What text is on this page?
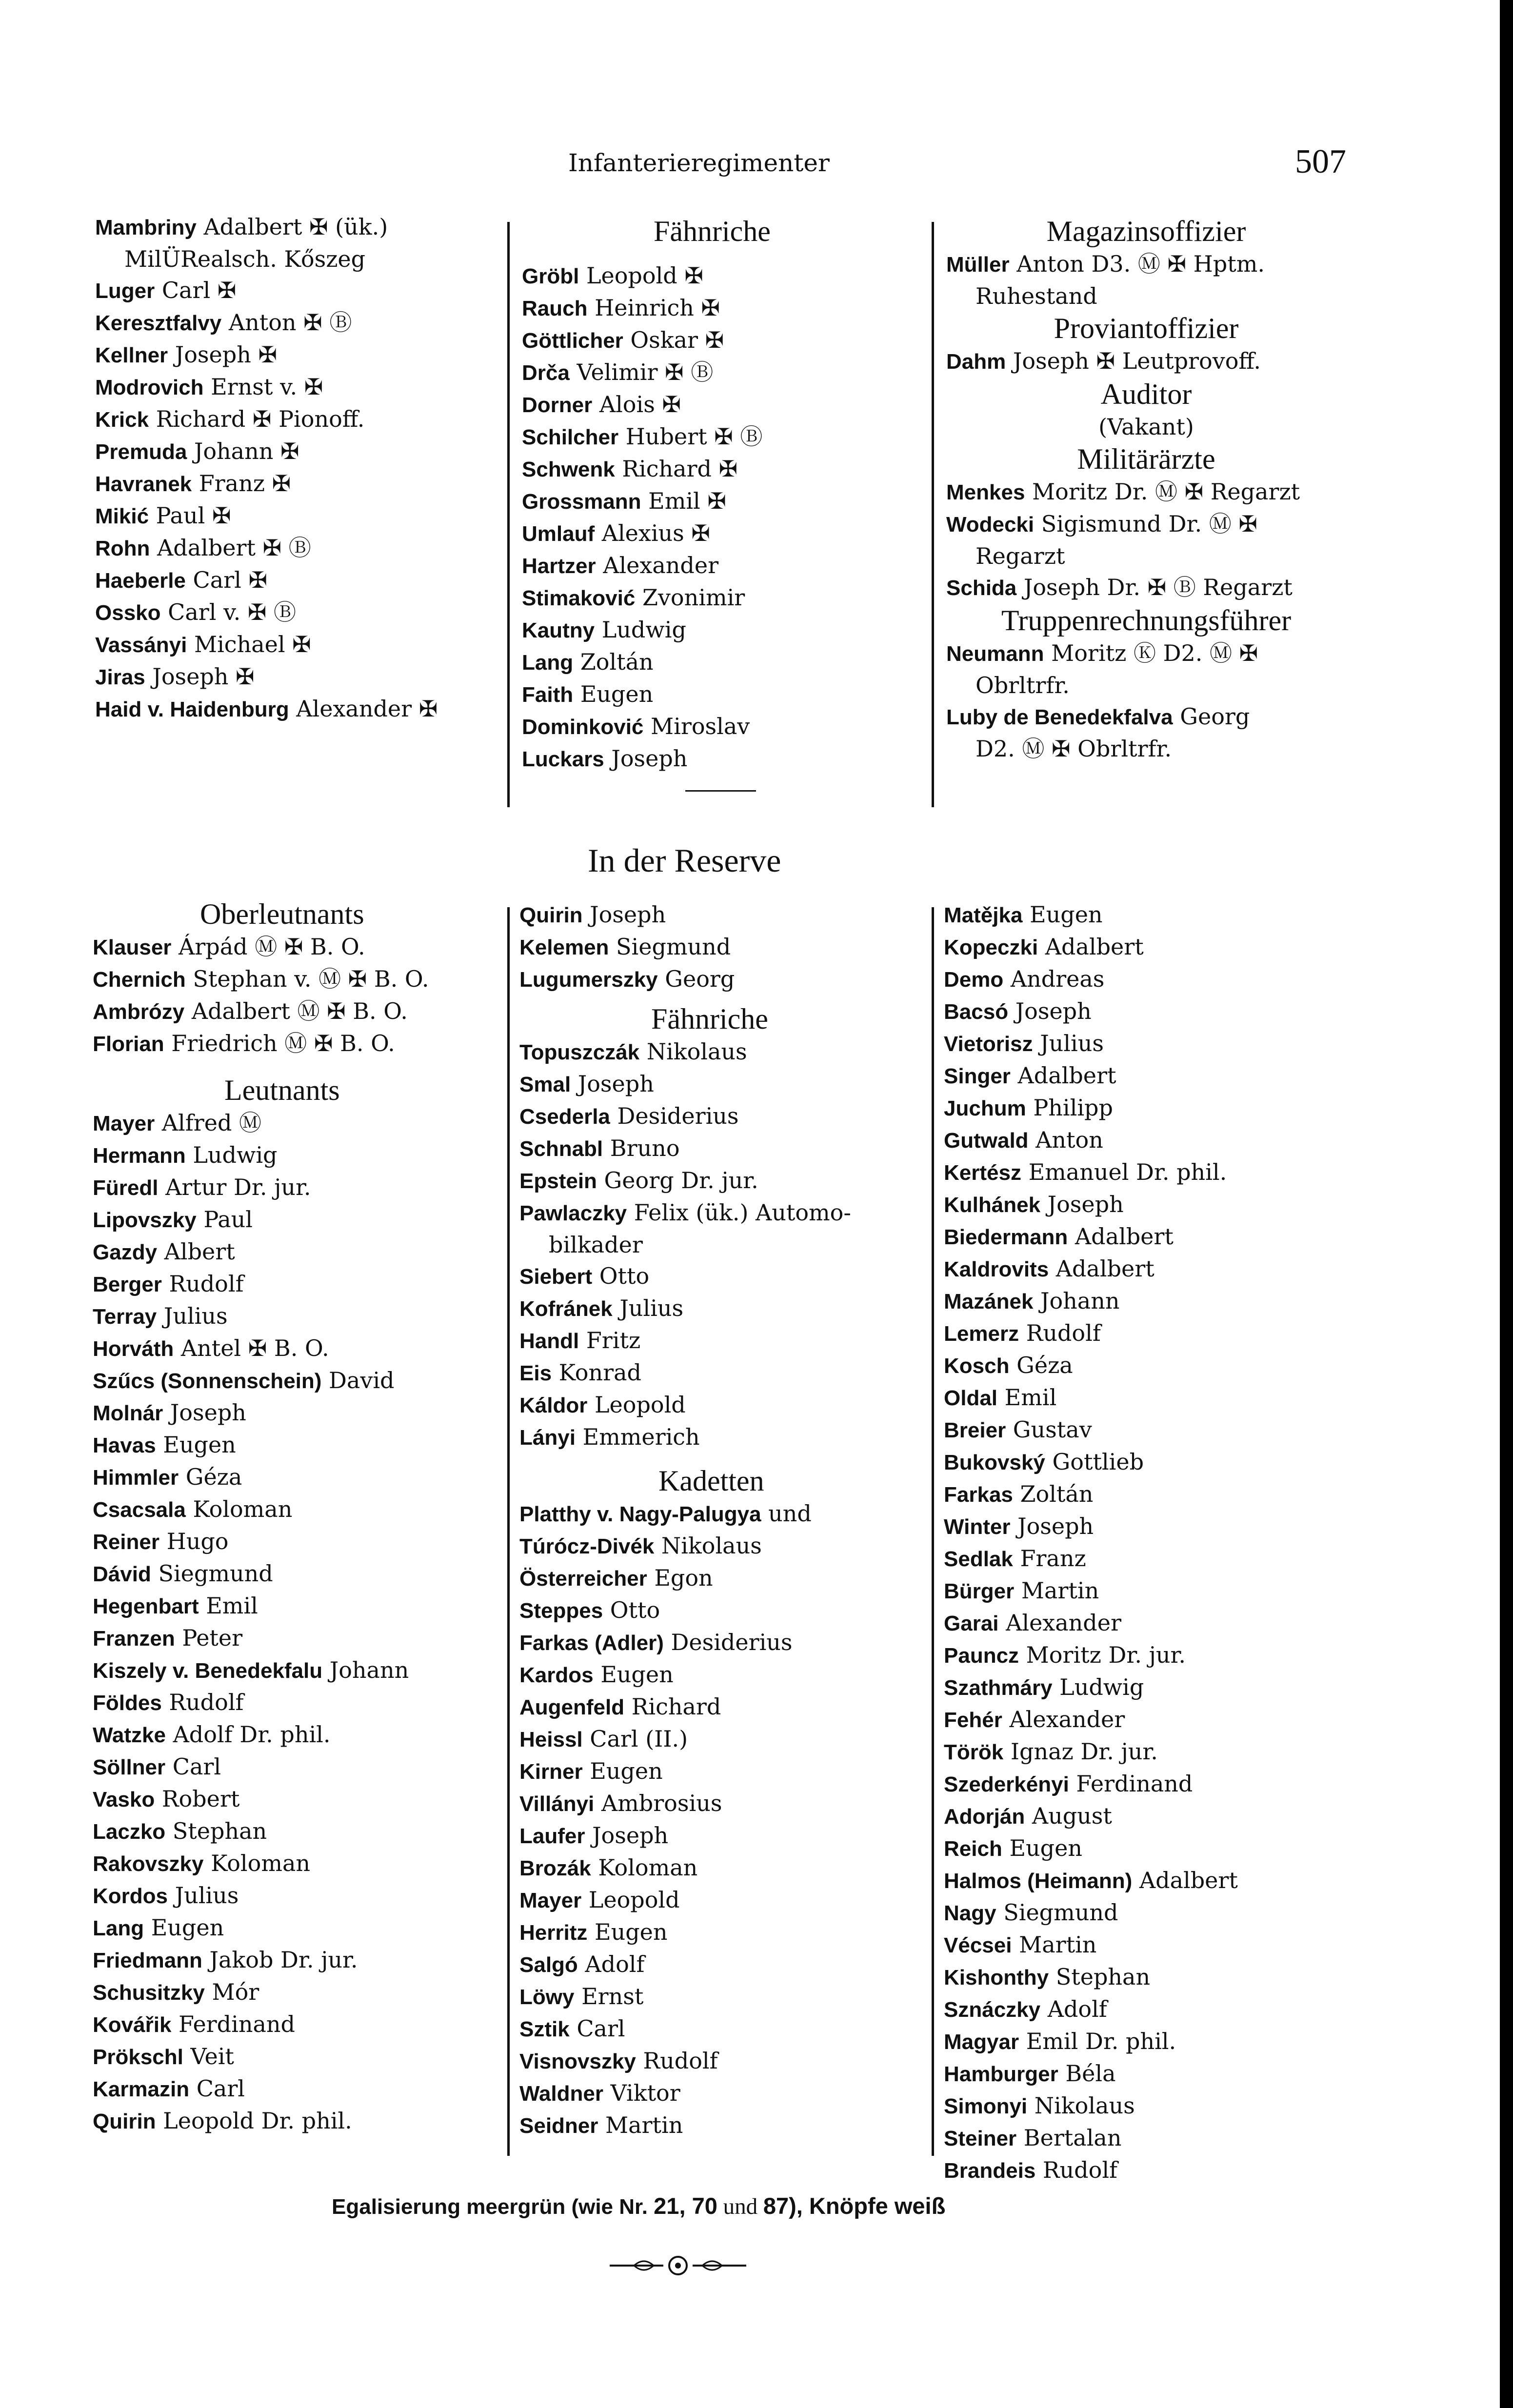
Infanterieregimenter	507
Mambriny Adalbert ✠ (ük.)
MilÜRealsch. Kőszeg
Luger Carl ✠
Keresztfalvy Anton ✠ Ⓑ
Kellner Joseph ✠
Modrovich Ernst v. ✠
Krick Richard ✠ Pionoff.
Premuda Johann ✠
Havranek Franz ✠
Mikić Paul ✠
Rohn Adalbert ✠ Ⓑ
Haeberle Carl ✠
Ossko Carl v. ✠ Ⓑ
Vassányi Michael ✠
Jiras Joseph ✠
Haid v. Haidenburg Alexander ✠
Fähnriche
Gröbl Leopold ✠
Rauch Heinrich ✠
Göttlicher Oskar ✠
Drča Velimir ✠ Ⓑ
Dorner Alois ✠
Schilcher Hubert ✠ Ⓑ
Schwenk Richard ✠
Grossmann Emil ✠
Umlauf Alexius ✠
Hartzer Alexander
Stimaković Zvonimir
Kautny Ludwig
Lang Zoltán
Faith Eugen
Dominković Miroslav
Luckars Joseph
Magazinsoffizier
Müller Anton D3. Ⓜ ✠ Hptm.
Ruhestand
Proviantoffizier
Dahm Joseph ✠ Leutprovoff.
Auditor
(Vakant)
Militärärzte
Menkes Moritz Dr. Ⓜ ✠ Regarzt
Wodecki Sigismund Dr. Ⓜ ✠
Regarzt
Schida Joseph Dr. ✠ Ⓑ Regarzt
Truppenrechnungsführer
Neumann Moritz Ⓚ D2. Ⓜ ✠
Obrltrfr.
Luby de Benedekfalva Georg
D2. Ⓜ ✠ Obrltrfr.
In der Reserve
Oberleutnants
Klauser Árpád Ⓜ ✠ B. O.
Chernich Stephan v. Ⓜ ✠ B. O.
Ambrózy Adalbert Ⓜ ✠ B. O.
Florian Friedrich Ⓜ ✠ B. O.
Leutnants
Mayer Alfred Ⓜ
Hermann Ludwig
Füredl Artur Dr. jur.
Lipovszky Paul
Gazdy Albert
Berger Rudolf
Terray Julius
Horváth Antel ✠ B. O.
Szűcs (Sonnenschein) David
Molnár Joseph
Havas Eugen
Himmler Géza
Csacsala Koloman
Reiner Hugo
Dávid Siegmund
Hegenbart Emil
Franzen Peter
Kiszely v. Benedekfalu Johann
Földes Rudolf
Watzke Adolf Dr. phil.
Söllner Carl
Vasko Robert
Laczko Stephan
Rakovszky Koloman
Kordos Julius
Lang Eugen
Friedmann Jakob Dr. jur.
Schusitzky Mór
Kovářik Ferdinand
Prökschl Veit
Karmazin Carl
Quirin Leopold Dr. phil.
Quirin Joseph
Kelemen Siegmund
Lugumerszky Georg
Fähnriche
Topuszczák Nikolaus
Smal Joseph
Csederla Desiderius
Schnabl Bruno
Epstein Georg Dr. jur.
Pawlaczky Felix (ük.) Automo-
bilkader
Siebert Otto
Kofránek Julius
Handl Fritz
Eis Konrad
Káldor Leopold
Lányi Emmerich
Kadetten
Platthy v. Nagy-Palugya und
Túrócz-Divék Nikolaus
Österreicher Egon
Steppes Otto
Farkas (Adler) Desiderius
Kardos Eugen
Augenfeld Richard
Heissl Carl (II.)
Kirner Eugen
Villányi Ambrosius
Laufer Joseph
Brozák Koloman
Mayer Leopold
Herritz Eugen
Salgó Adolf
Löwy Ernst
Sztik Carl
Visnovszky Rudolf
Waldner Viktor
Seidner Martin
Matějka Eugen
Kopeczki Adalbert
Demo Andreas
Bacsó Joseph
Vietorisz Julius
Singer Adalbert
Juchum Philipp
Gutwald Anton
Kertész Emanuel Dr. phil.
Kulhánek Joseph
Biedermann Adalbert
Kaldrovits Adalbert
Mazánek Johann
Lemerz Rudolf
Kosch Géza
Oldal Emil
Breier Gustav
Bukovský Gottlieb
Farkas Zoltán
Winter Joseph
Sedlak Franz
Bürger Martin
Garai Alexander
Pauncz Moritz Dr. jur.
Szathmáry Ludwig
Fehér Alexander
Török Ignaz Dr. jur.
Szederkényi Ferdinand
Adorján August
Reich Eugen
Halmos (Heimann) Adalbert
Nagy Siegmund
Vécsei Martin
Kishonthy Stephan
Sznáczky Adolf
Magyar Emil Dr. phil.
Hamburger Béla
Simonyi Nikolaus
Steiner Bertalan
Brandeis Rudolf
Egalisierung meergrün (wie Nr. 21, 70 und 87), Knöpfe weiß
